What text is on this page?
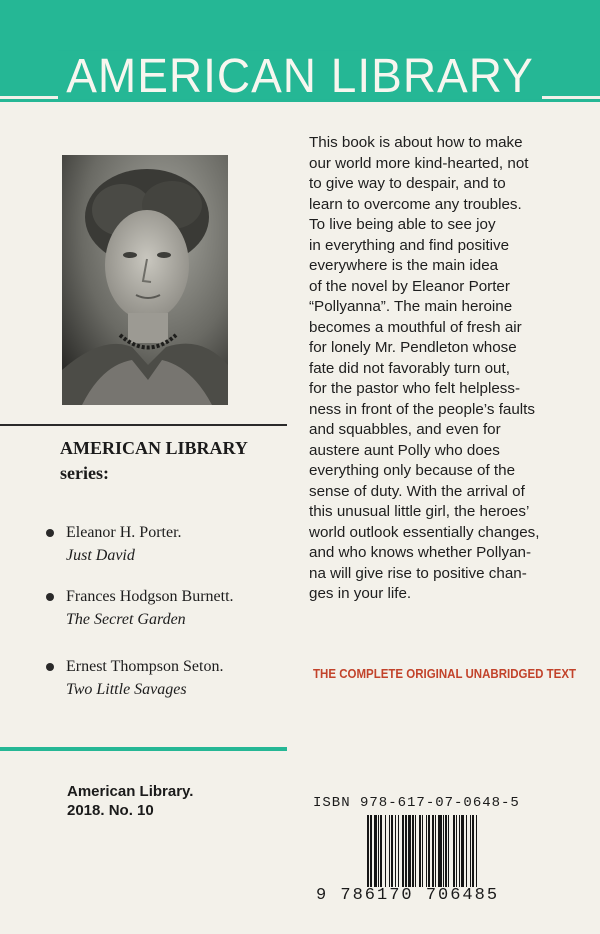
AMERICAN LIBRARY
AMERICAN LIBRARY
series:
Eleanor H. Porter.
Just David
Frances Hodgson Burnett.
The Secret Garden
Ernest Thompson Seton.
Two Little Savages
American Library.
2018. No. 10

This book is about how to make

our world more kind-hearted, not

to give way to despair, and to

learn to overcome any troubles.

To live being able to see joy

in everything and find positive

everywhere is the main idea

of the novel by Eleanor Porter

“Pollyanna”. The main heroine

becomes a mouthful of fresh air

for lonely Mr. Pendleton whose

fate did not favorably turn out,

for the pastor who felt helpless-

ness in front of the people’s faults

and squabbles, and even for

austere aunt Polly who does

everything only because of the

sense of duty. With the arrival of

this unusual little girl, the heroes’

world outlook essentially changes,

and who knows whether Pollyan-

na will give rise to positive chan-

ges in your life.

THE COMPLETE ORIGINAL UNABRIDGED TEXT
ISBN 978-617-07-0648-5
9 786170 706485
